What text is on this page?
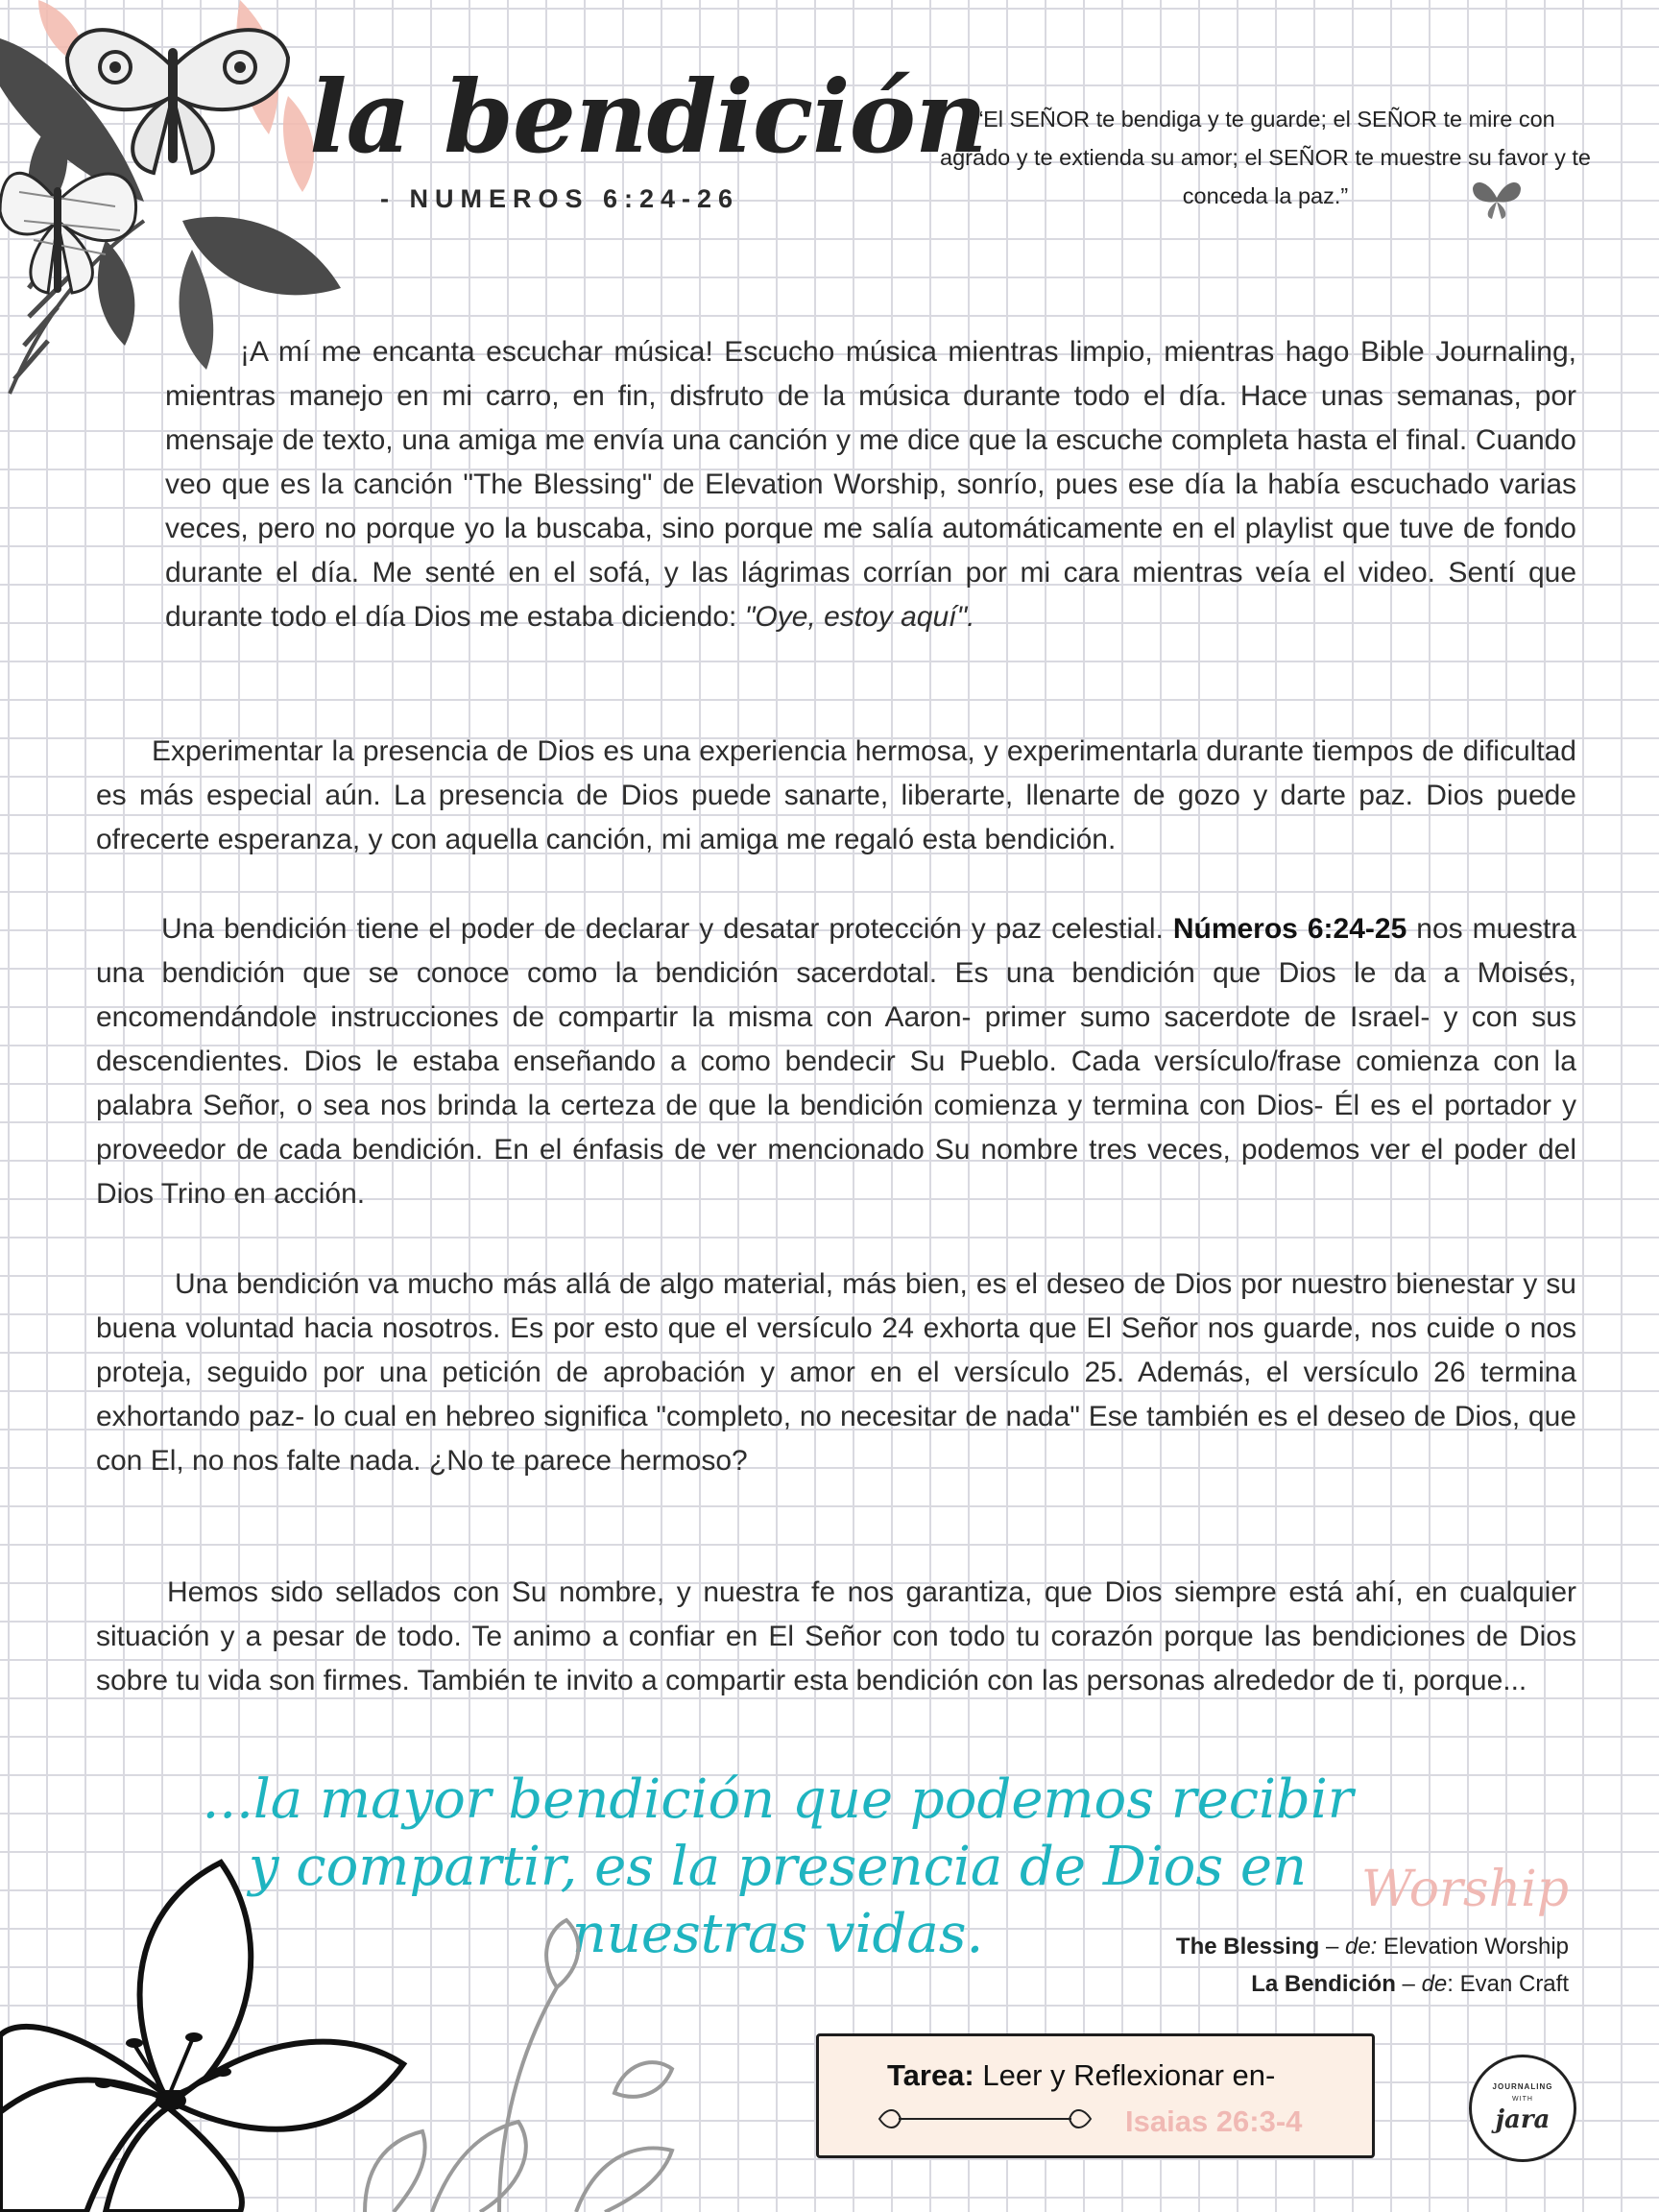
la bendición
- NUMEROS 6:24-26
“El SEÑOR te bendiga y te guarde; el SEÑOR te mire con agrado y te extienda su amor; el SEÑOR te muestre su favor y te conceda la paz.”

¡A mí me encanta escuchar música! Escucho música mientras limpio, mientras hago Bible Journaling, mientras manejo en mi carro, en fin, disfruto de la música durante todo el día. Hace unas semanas, por mensaje de texto, una amiga me envía una canción y me dice que la escuche completa hasta el final. Cuando veo que es la canción "The Blessing" de Elevation Worship, sonrío, pues ese día la había escuchado varias veces, pero no porque yo la buscaba, sino porque me salía automáticamente en el playlist que tuve de fondo durante el día. Me senté en el sofá, y las lágrimas corrían por mi cara mientras veía el video. Sentí que durante todo el día Dios me estaba diciendo: "Oye, estoy aquí".

Experimentar la presencia de Dios es una experiencia hermosa, y experimentarla durante tiempos de dificultad es más especial aún. La presencia de Dios puede sanarte, liberarte, llenarte de gozo y darte paz. Dios puede ofrecerte esperanza, y con aquella canción, mi amiga me regaló esta bendición.

Una bendición tiene el poder de declarar y desatar protección y paz celestial. Números 6:24-25 nos muestra una bendición que se conoce como la bendición sacerdotal. Es una bendición que Dios le da a Moisés, encomendándole instrucciones de compartir la misma con Aaron- primer sumo sacerdote de Israel- y con sus descendientes. Dios le estaba enseñando a como bendecir Su Pueblo. Cada versículo/frase comienza con la palabra Señor, o sea nos brinda la certeza de que la bendición comienza y termina con Dios- Él es el portador y proveedor de cada bendición. En el énfasis de ver mencionado Su nombre tres veces, podemos ver el poder del Dios Trino en acción.

Una bendición va mucho más allá de algo material, más bien, es el deseo de Dios por nuestro bienestar y su buena voluntad hacia nosotros. Es por esto que el versículo 24 exhorta que El Señor nos guarde, nos cuide o nos proteja, seguido por una petición de aprobación y amor en el versículo 25. Además, el versículo 26 termina exhortando paz- lo cual en hebreo significa "completo, no necesitar de nada" Ese también es el deseo de Dios, que con El, no nos falte nada. ¿No te parece hermoso?

Hemos sido sellados con Su nombre, y nuestra fe nos garantiza, que Dios siempre está ahí, en cualquier situación y a pesar de todo. Te animo a confiar en El Señor con todo tu corazón porque las bendiciones de Dios sobre tu vida son firmes. También te invito a compartir esta bendición con las personas alrededor de ti, porque...

...la mayor bendición que podemos recibir y compartir, es la presencia de Dios en nuestras vidas.
Worship
The Blessing – de: Elevation Worship
La Bendición – de: Evan Craft
Tarea: Leer y Reflexionar en-
Isaias 26:3-4
JOURNALING
WITH
jara
